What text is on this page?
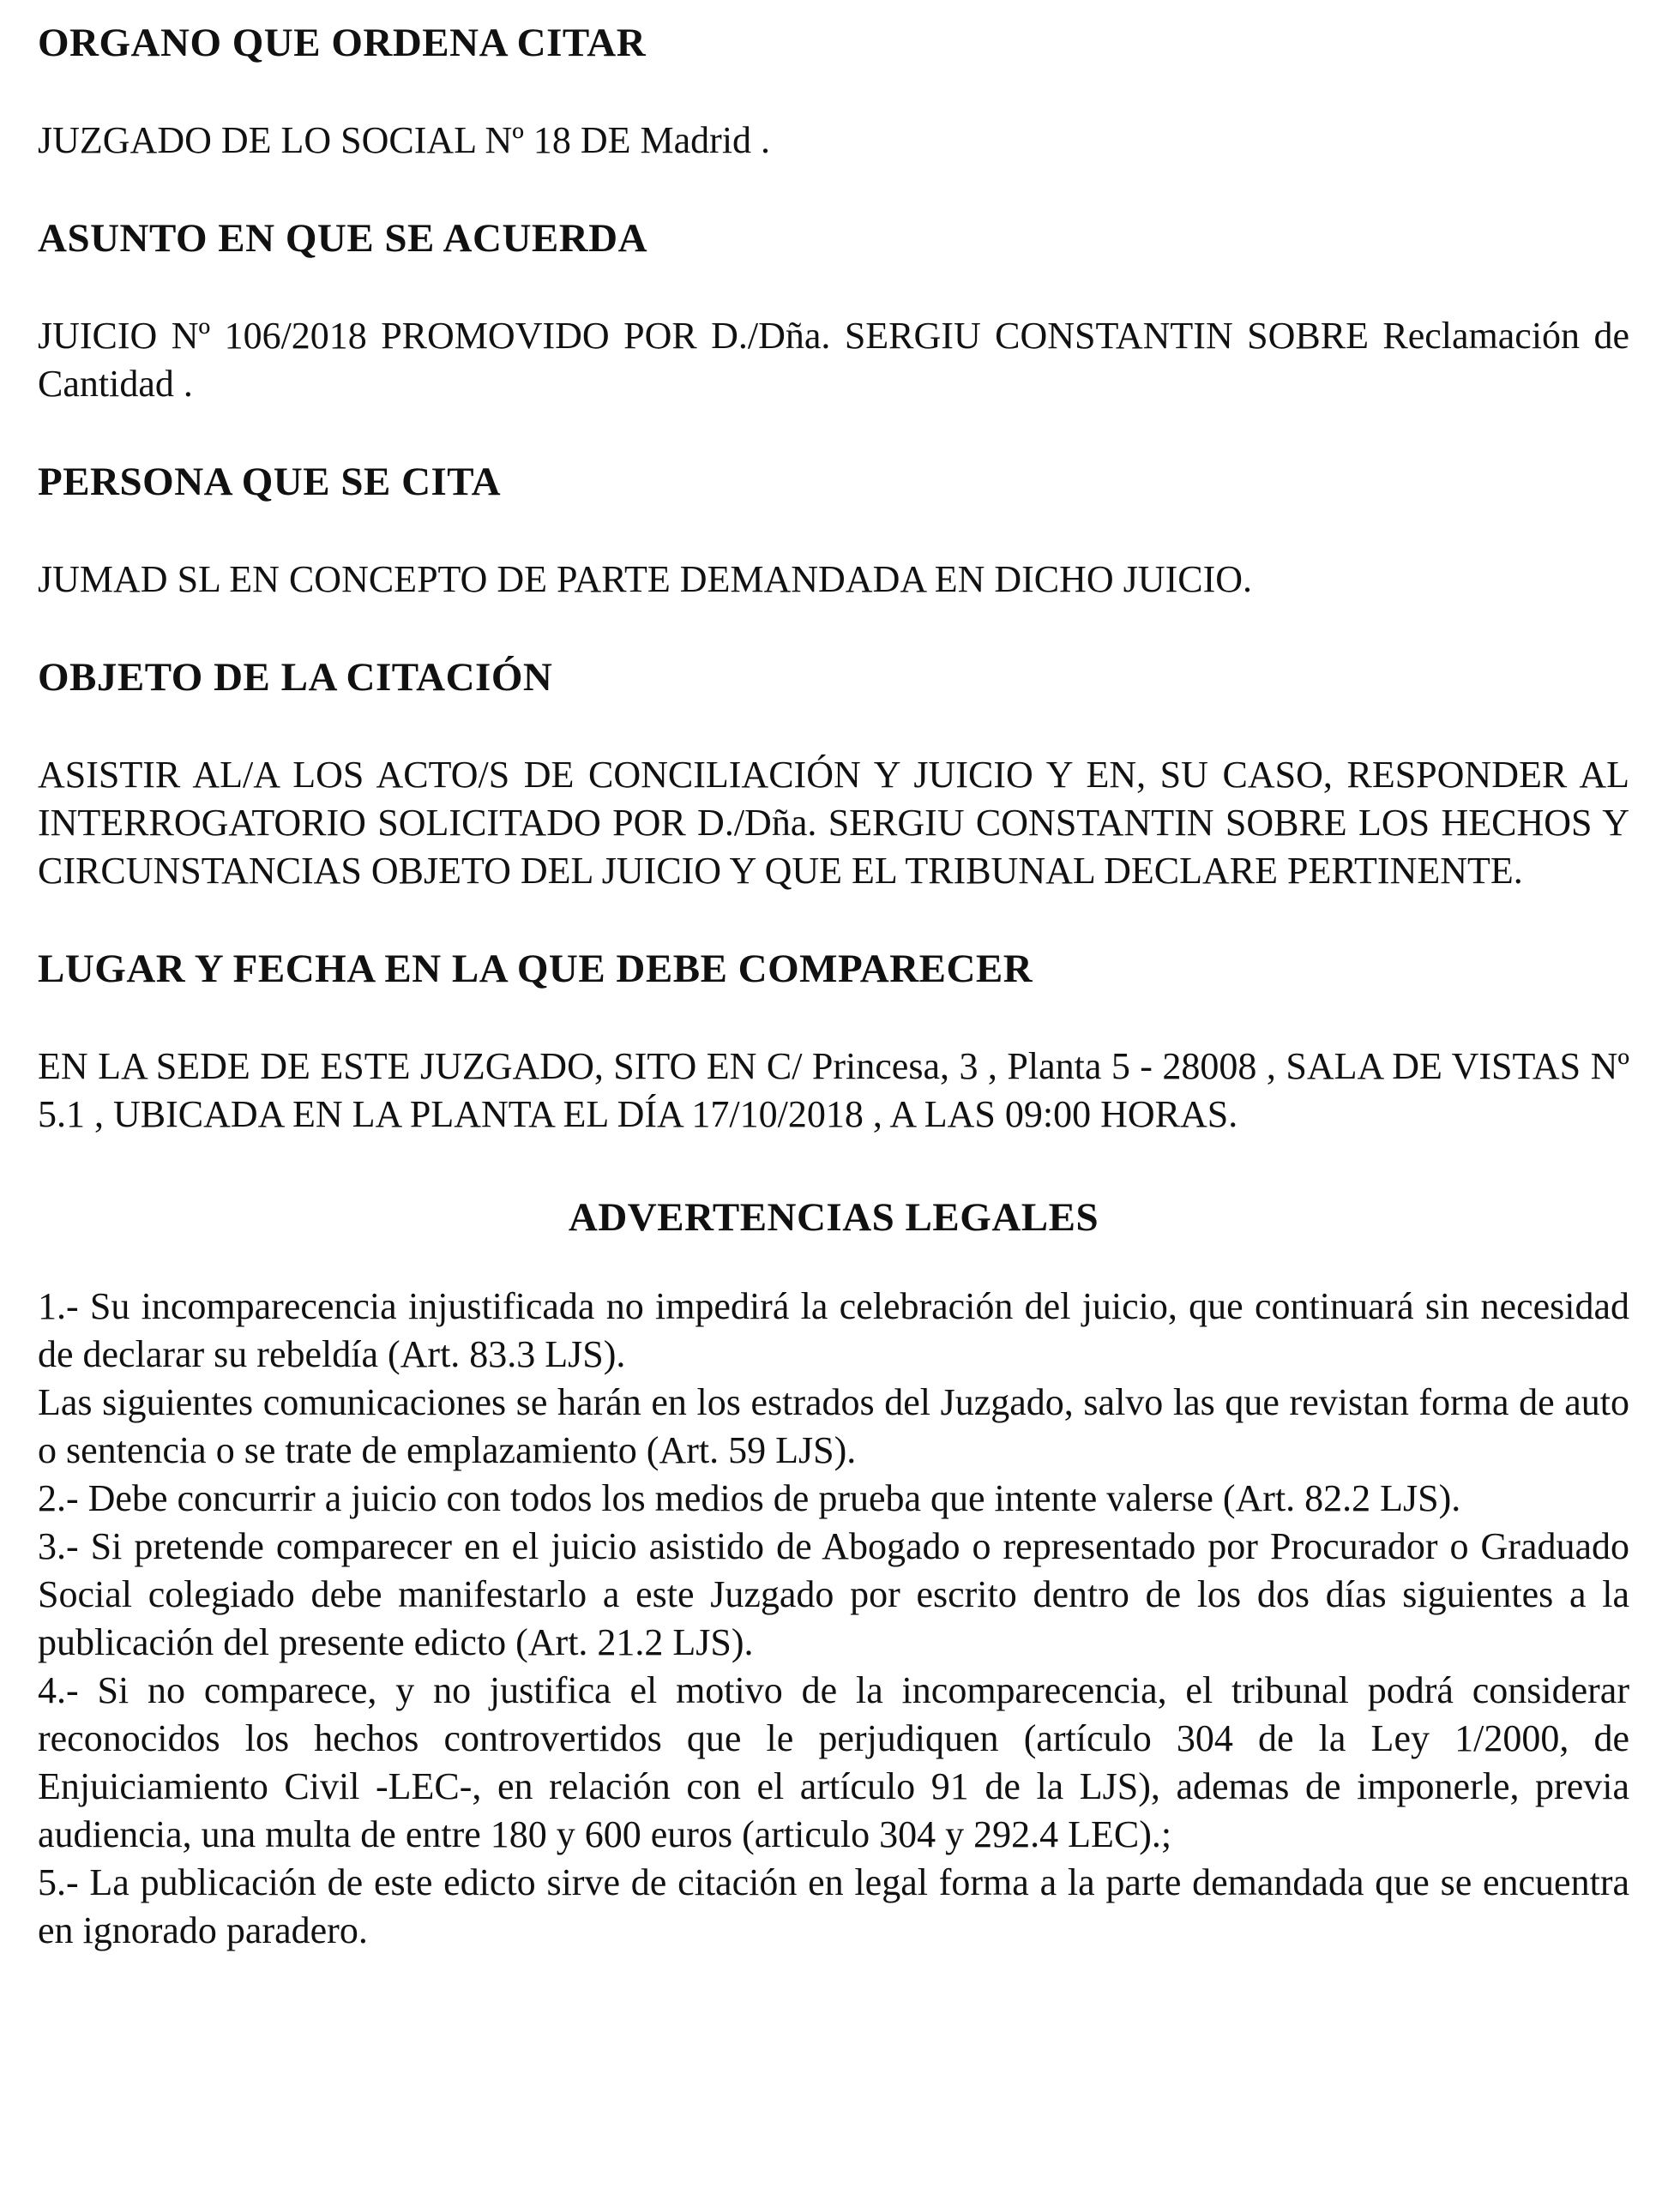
ORGANO QUE ORDENA CITAR

JUZGADO DE LO SOCIAL Nº 18 DE Madrid .

ASUNTO EN QUE SE ACUERDA

JUICIO Nº 106/2018 PROMOVIDO POR D./Dña. SERGIU CONSTANTIN SOBRE Reclamación de Cantidad .

PERSONA QUE SE CITA

JUMAD SL EN CONCEPTO DE PARTE DEMANDADA EN DICHO JUICIO.

OBJETO DE LA CITACIÓN

ASISTIR AL/A LOS ACTO/S DE CONCILIACIÓN Y JUICIO Y EN, SU CASO, RESPONDER AL INTERROGATORIO SOLICITADO POR D./Dña. SERGIU CONSTANTIN SOBRE LOS HECHOS Y CIRCUNSTANCIAS OBJETO DEL JUICIO Y QUE EL TRIBUNAL DECLARE PERTINENTE.

LUGAR Y FECHA EN LA QUE DEBE COMPARECER

EN LA SEDE DE ESTE JUZGADO, SITO EN C/ Princesa, 3 , Planta 5 - 28008 , SALA DE VISTAS Nº 5.1 , UBICADA EN LA PLANTA EL DÍA 17/10/2018 , A LAS 09:00 HORAS.

ADVERTENCIAS LEGALES

1.- Su incomparecencia injustificada no impedirá la celebración del juicio, que continuará sin necesidad de declarar su rebeldía (Art. 83.3 LJS).

Las siguientes comunicaciones se harán en los estrados del Juzgado, salvo las que revistan forma de auto o sentencia o se trate de emplazamiento (Art. 59 LJS).

2.- Debe concurrir a juicio con todos los medios de prueba que intente valerse (Art. 82.2 LJS).

3.- Si pretende comparecer en el juicio asistido de Abogado o representado por Procurador o Graduado Social colegiado debe manifestarlo a este Juzgado por escrito dentro de los dos días siguientes a la publicación del presente edicto (Art. 21.2 LJS).

4.- Si no comparece, y no justifica el motivo de la incomparecencia, el tribunal podrá considerar reconocidos los hechos controvertidos que le perjudiquen (artículo 304 de la Ley 1/2000, de Enjuiciamiento Civil -LEC-, en relación con el artículo 91 de la LJS), ademas de imponerle, previa audiencia, una multa de entre 180 y 600 euros (articulo 304 y 292.4 LEC).;

5.- La publicación de este edicto sirve de citación en legal forma a la parte demandada que se encuentra en ignorado paradero.
